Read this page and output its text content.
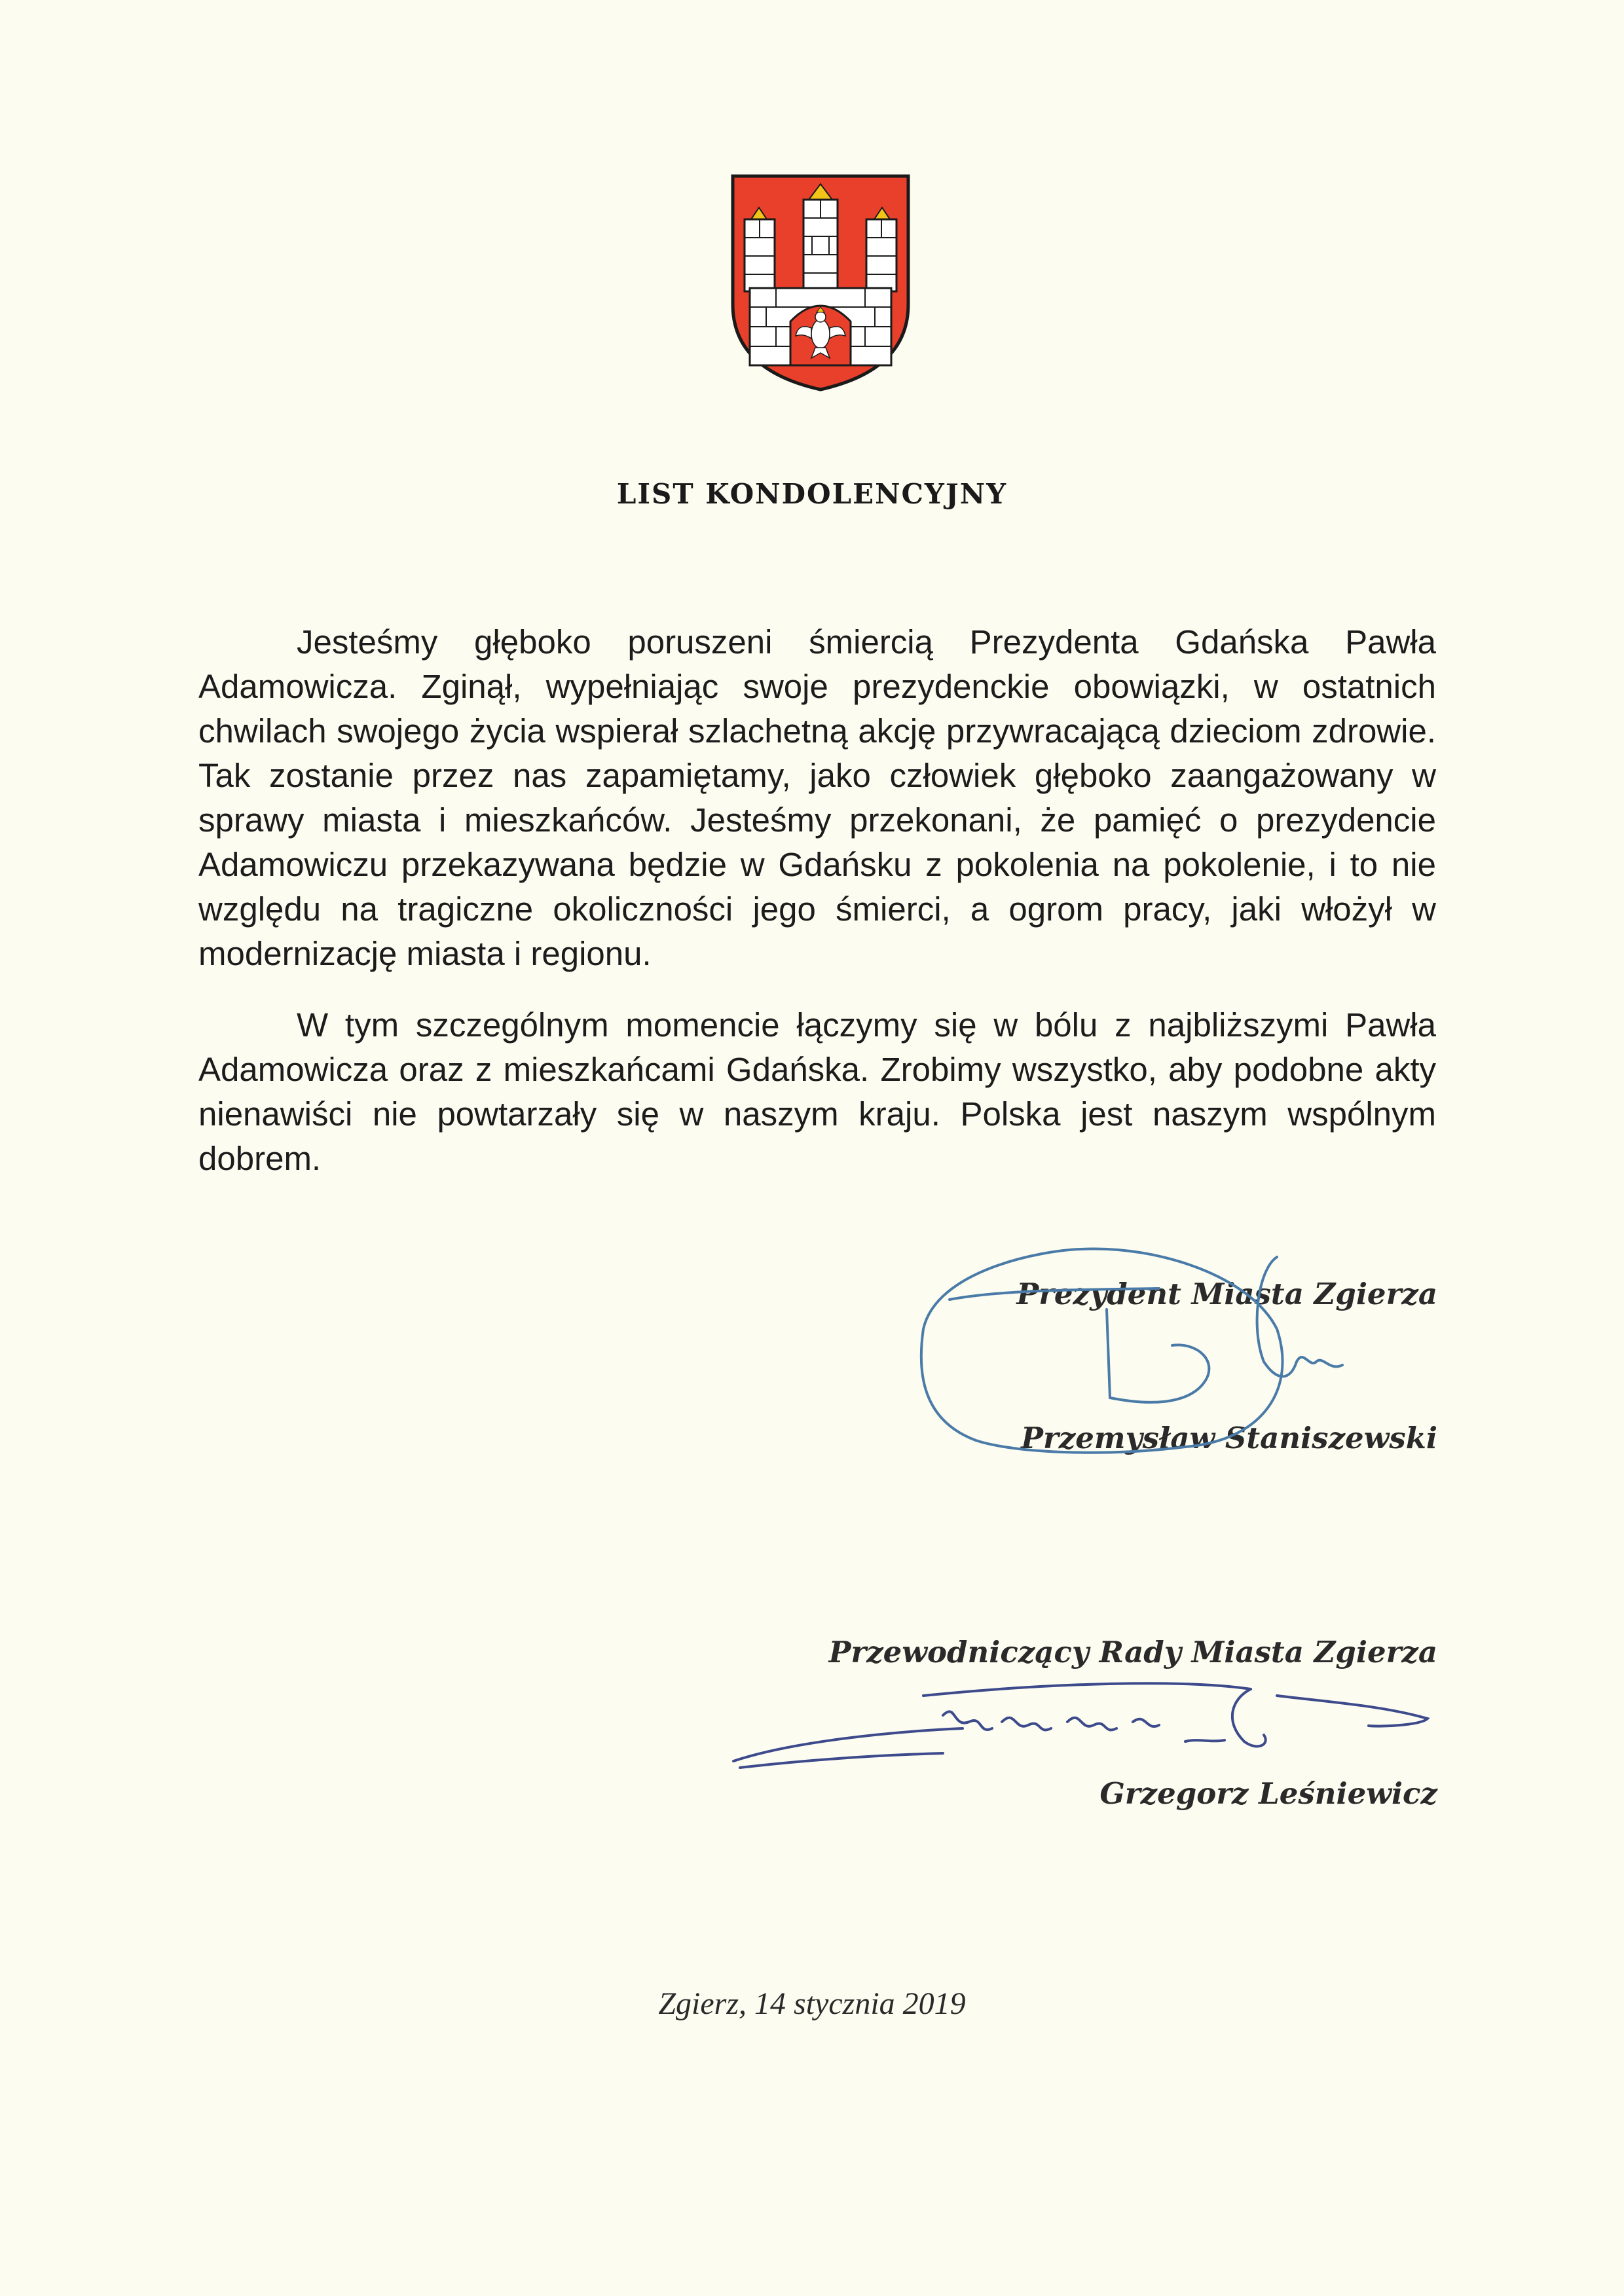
LIST KONDOLENCYJNY

Jesteśmy głęboko poruszeni śmiercią Prezydenta Gdańska Pawła Adamowicza. Zginął, wypełniając swoje prezydenckie obowiązki, w ostatnich chwilach swojego życia wspierał szlachetną akcję przywracającą dzieciom zdrowie. Tak zostanie przez nas zapamiętamy, jako człowiek głęboko zaangażowany w sprawy miasta i mieszkańców. Jesteśmy przekonani, że pamięć o prezydencie Adamowiczu przekazywana będzie w Gdańsku z pokolenia na pokolenie, i to nie względu na tragiczne okoliczności jego śmierci, a ogrom pracy, jaki włożył w modernizację miasta i regionu.

W tym szczególnym momencie łączymy się w bólu z najbliższymi Pawła Adamowicza oraz z mieszkańcami Gdańska. Zrobimy wszystko, aby podobne akty nienawiści nie powtarzały się w naszym kraju. Polska jest naszym wspólnym dobrem.

Prezydent Miasta Zgierza
Przemysław Staniszewski
Przewodniczący Rady Miasta Zgierza
Grzegorz Leśniewicz
Zgierz, 14 stycznia 2019
